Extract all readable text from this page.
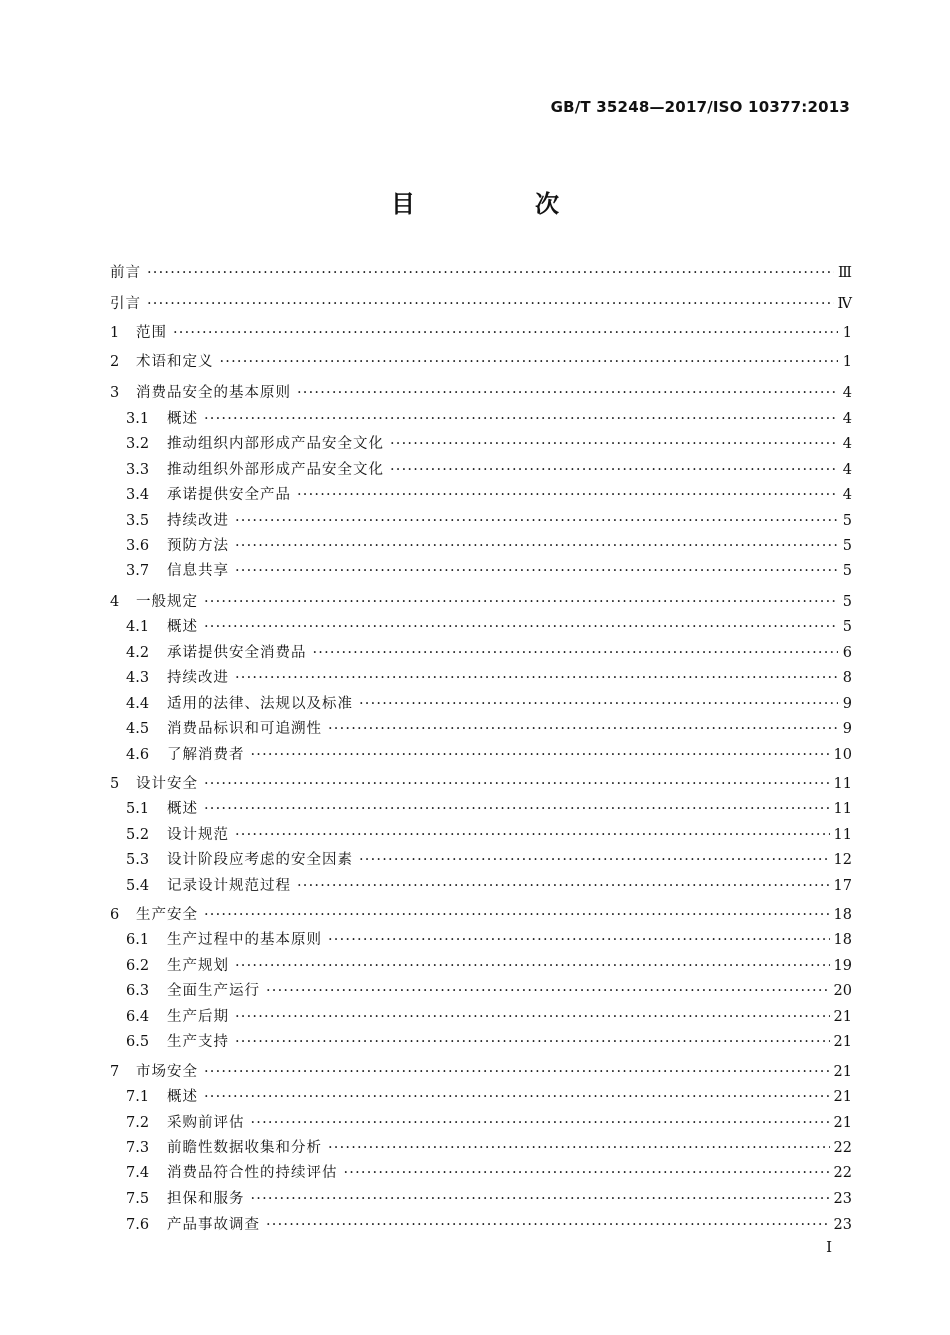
GB/T 35248—2017/ISO 10377:2013
目　次
前言 ·····	Ⅲ
引言 ·····	Ⅳ
1	范围 ·····	1
2	术语和定义 ·····	1
3	消费品安全的基本原则 ·····	4
3.1	概述 ·····	4
3.2	推动组织内部形成产品安全文化 ·····	4
3.3	推动组织外部形成产品安全文化 ·····	4
3.4	承诺提供安全产品 ·····	4
3.5	持续改进 ·····	5
3.6	预防方法 ·····	5
3.7	信息共享 ·····	5
4	一般规定 ·····	5
4.1	概述 ·····	5
4.2	承诺提供安全消费品 ·····	6
4.3	持续改进 ·····	8
4.4	适用的法律、法规以及标准 ·····	9
4.5	消费品标识和可追溯性 ·····	9
4.6	了解消费者 ·····	10
5	设计安全 ·····	11
5.1	概述 ·····	11
5.2	设计规范 ·····	11
5.3	设计阶段应考虑的安全因素 ·····	12
5.4	记录设计规范过程 ·····	17
6	生产安全 ·····	18
6.1	生产过程中的基本原则 ·····	18
6.2	生产规划 ·····	19
6.3	全面生产运行 ·····	20
6.4	生产后期 ·····	21
6.5	生产支持 ·····	21
7	市场安全 ·····	21
7.1	概述 ·····	21
7.2	采购前评估 ·····	21
7.3	前瞻性数据收集和分析 ·····	22
7.4	消费品符合性的持续评估 ·····	22
7.5	担保和服务 ·····	23
7.6	产品事故调查 ·····	23
I
